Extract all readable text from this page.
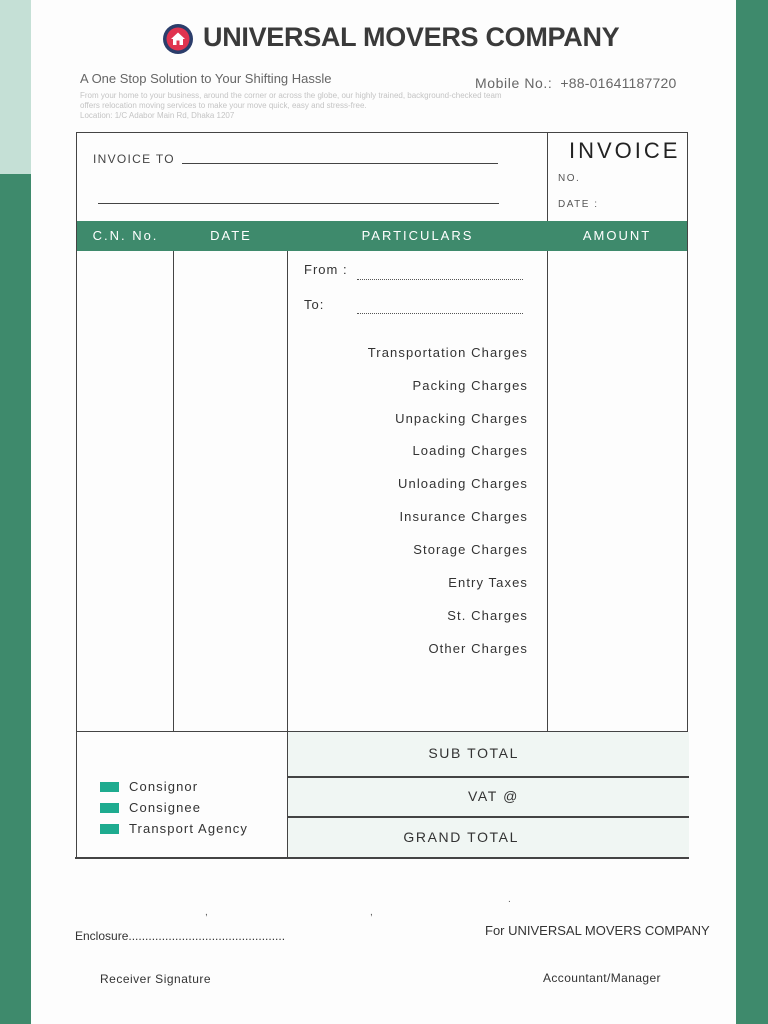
UNIVERSAL MOVERS COMPANY
A One Stop Solution to Your Shifting Hassle
From your home to your business, around the corner or across the globe, our highly trained, background-checked team offers relocation moving services to make your move quick, easy and stress-free.
Location: 1/C Adabor Main Rd, Dhaka 1207
Mobile No.: +88-01641187720
INVOICE TO	INVOICE
NO.
DATE :
C.N. No.	DATE	PARTICULARS	AMOUNT
From :
To:
Transportation Charges
Packing Charges
Unpacking Charges
Loading Charges
Unloading Charges
Insurance Charges
Storage Charges
Entry Taxes
St. Charges
Other Charges
SUB TOTAL
VAT @
GRAND TOTAL
Consignor
Consignee
Transport Agency
,	,
.
Enclosure...............................................	For UNIVERSAL MOVERS COMPANY
Receiver Signature	Accountant/Manager
